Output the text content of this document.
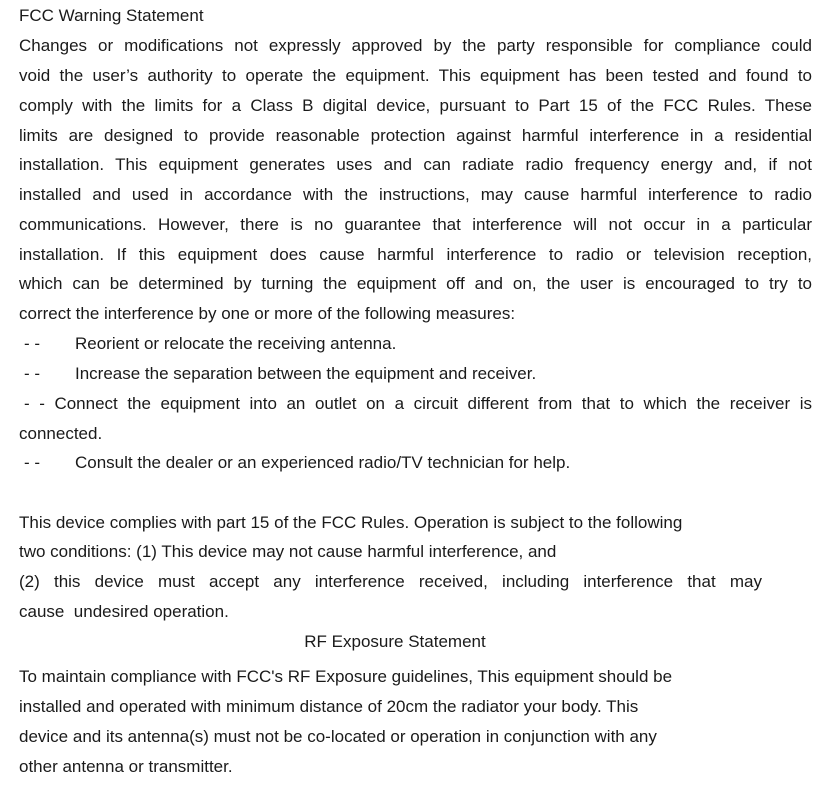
FCC Warning Statement
Changes or modifications not expressly approved by the party responsible for compliance could
void the user’s authority to operate the equipment. This equipment has been tested and found to
comply with the limits for a Class B digital device, pursuant to Part 15 of the FCC Rules. These
limits are designed to provide reasonable protection against harmful interference in a residential
installation. This equipment generates uses and can radiate radio frequency energy and, if not
installed and used in accordance with the instructions, may cause harmful interference to radio
communications. However, there is no guarantee that interference will not occur in a particular
installation. If this equipment does cause harmful interference to radio or television reception,
which can be determined by turning the equipment off and on, the user is encouraged to try to
correct the interference by one or more of the following measures:
- - Reorient or relocate the receiving antenna.
- - Increase the separation between the equipment and receiver.
- - Connect the equipment into an outlet on a circuit different from that to which the receiver is
connected.
- - Consult the dealer or an experienced radio/TV technician for help.
This device complies with part 15 of the FCC Rules. Operation is subject to the following
two conditions: (1) This device may not cause harmful interference, and
(2) this device must accept any interference received, including interference that may
cause  undesired operation.
RF Exposure Statement
To maintain compliance with FCC's RF Exposure guidelines, This equipment should be
installed and operated with minimum distance of 20cm the radiator your body. This
device and its antenna(s) must not be co-located or operation in conjunction with any
other antenna or transmitter.
